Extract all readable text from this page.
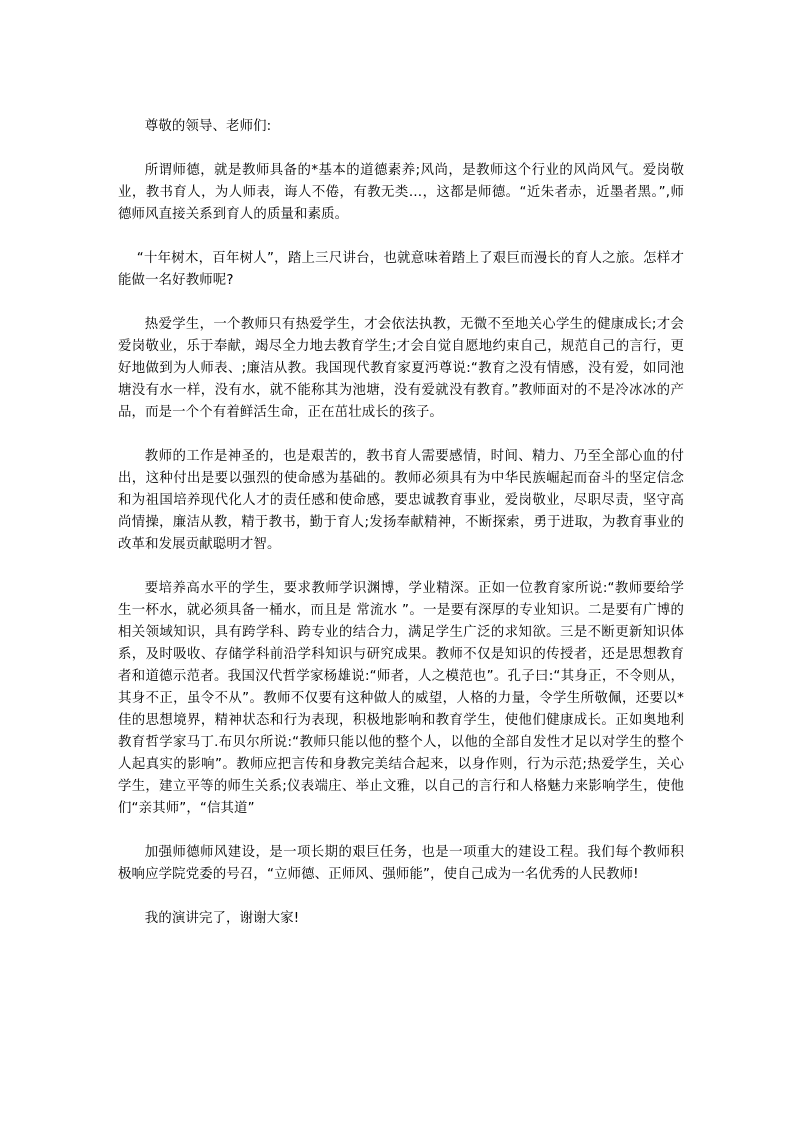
尊敬的领导、老师们:

所谓师德，就是教师具备的*基本的道德素养;风尚，是教师这个行业的风尚风气。爱岗敬业，教书育人，为人师表，诲人不倦，有教无类…，这都是师德。“近朱者赤，近墨者黑。”,师德师风直接关系到育人的质量和素质。

“十年树木，百年树人”，踏上三尺讲台，也就意味着踏上了艰巨而漫长的育人之旅。怎样才能做一名好教师呢?

热爱学生，一个教师只有热爱学生，才会依法执教，无微不至地关心学生的健康成长;才会爱岗敬业，乐于奉献，竭尽全力地去教育学生;才会自觉自愿地约束自己，规范自己的言行，更好地做到为人师表、;廉洁从教。我国现代教育家夏沔尊说:“教育之没有情感，没有爱，如同池塘没有水一样，没有水，就不能称其为池塘，没有爱就没有教育。”教师面对的不是冷冰冰的产品，而是一个个有着鲜活生命，正在茁壮成长的孩子。

教师的工作是神圣的，也是艰苦的，教书育人需要感情，时间、精力、乃至全部心血的付出，这种付出是要以强烈的使命感为基础的。教师必须具有为中华民族崛起而奋斗的坚定信念和为祖国培养现代化人才的责任感和使命感，要忠诚教育事业，爱岗敬业，尽职尽责，坚守高尚情操，廉洁从教，精于教书，勤于育人;发扬奉献精神，不断探索，勇于进取，为教育事业的改革和发展贡献聪明才智。

要培养高水平的学生，要求教师学识渊博，学业精深。正如一位教育家所说:“教师要给学生一杯水，就必须具备一桶水，而且是 常流水 ”。一是要有深厚的专业知识。二是要有广博的相关领域知识，具有跨学科、跨专业的结合力，满足学生广泛的求知欲。三是不断更新知识体系，及时吸收、存储学科前沿学科知识与研究成果。教师不仅是知识的传授者，还是思想教育者和道德示范者。我国汉代哲学家杨雄说:“师者，人之模范也”。孔子曰:“其身正，不令则从，其身不正，虽令不从”。教师不仅要有这种做人的威望，人格的力量，令学生所敬佩，还要以*佳的思想境界，精神状态和行为表现，积极地影响和教育学生，使他们健康成长。正如奥地利教育哲学家马丁.布贝尔所说:“教师只能以他的整个人，以他的全部自发性才足以对学生的整个人起真实的影响”。教师应把言传和身教完美结合起来，以身作则，行为示范;热爱学生，关心学生，建立平等的师生关系;仪表端庄、举止文雅，以自己的言行和人格魅力来影响学生，使他们“亲其师”，“信其道”

加强师德师风建设，是一项长期的艰巨任务，也是一项重大的建设工程。我们每个教师积极响应学院党委的号召，“立师德、正师风、强师能”，使自己成为一名优秀的人民教师!

我的演讲完了，谢谢大家!
